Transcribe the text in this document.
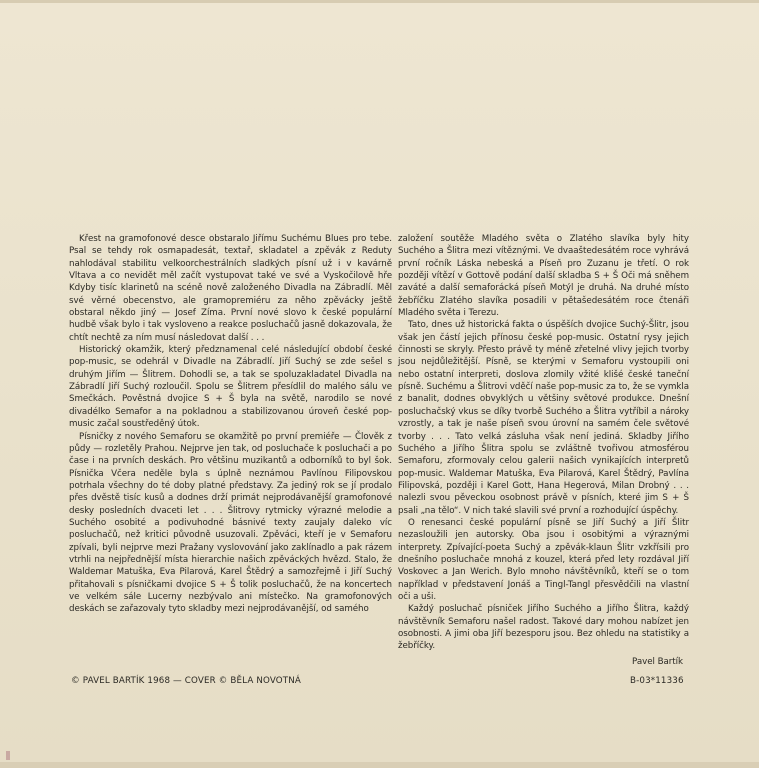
Křest na gramofonové desce obstaralo Jiřímu Suchému Blues pro tebe. Psal se tehdy rok osmapadesát, textař, skladatel a zpěvák z Reduty nahlodával stabilitu velkoorchestrálních sladkých písní už i v kavárně Vltava a co nevidět měl začít vystupovat také ve své a Vyskočilově hře Kdyby tisíc klarinetů na scéně nově založeného Divadla na Zábradlí. Měl své věrné obecenstvo, ale gramopremiéru za něho zpěvácky ještě obstaral někdo jiný — Josef Zíma. První nové slovo k české populární hudbě však bylo i tak vysloveno a reakce posluchačů jasně dokazovala, že chtít nechtě za ním musí následovat další . . .

Historický okamžik, který předznamenal celé následující období české pop-music, se odehrál v Divadle na Zábradlí. Jiří Suchý se zde sešel s druhým Jiřím — Šlitrem. Dohodli se, a tak se spoluzakladatel Divadla na Zábradlí Jiří Suchý rozloučil. Spolu se Šlitrem přesídlil do malého sálu ve Smečkách. Pověstná dvojice S + Š byla na světě, narodilo se nové divadélko Semafor a na pokladnou a stabilizovanou úroveň české pop-music začal soustředěný útok.

Písničky z nového Semaforu se okamžitě po první premiéře — Člověk z půdy — rozletěly Prahou. Nejprve jen tak, od posluchače k posluchači a po čase i na prvních deskách. Pro většinu muzikantů a odborníků to byl šok. Písnička Včera neděle byla s úplně neznámou Pavlínou Filipovskou potrhala všechny do té doby platné představy. Za jediný rok se jí prodalo přes dvěstě tisíc kusů a dodnes drží primát nejprodávanější gramofonové desky posledních dvaceti let . . . Šlitrovy rytmicky výrazné melodie a Suchého osobité a podivuhodné básnivé texty zaujaly daleko víc posluchačů, než kritici původně usuzovali. Zpěváci, kteří je v Semaforu zpívali, byli nejprve mezi Pražany vyslovování jako zaklínadlo a pak rázem vtrhli na nejpřednější místa hierarchie našich zpěváckých hvězd. Stalo, že Waldemar Matuška, Eva Pilarová, Karel Štědrý a samozřejmě i Jiří Suchý přitahovali s písničkami dvojice S + Š tolik posluchačů, že na koncertech ve velkém sále Lucerny nezbývalo ani místečko. Na gramofonových deskách se zařazovaly tyto skladby mezi nejprodávanější, od samého

založení soutěže Mladého světa o Zlatého slavíka byly hity Suchého a Šlitra mezi vítěznými. Ve dvaaštedesátém roce vyhrává první ročník Láska nebeská a Píseň pro Zuzanu je třetí. O rok později vítězí v Gottově podání další skladba S + Š Oči má sněhem zaváté a další semaforácká píseň Motýl je druhá. Na druhé místo žebříčku Zlatého slavíka posadili v pětašedesátém roce čtenáři Mladého světa i Terezu.

Tato, dnes už historická fakta o úspěších dvojice Suchý-Šlitr, jsou však jen částí jejich přínosu české pop-music. Ostatní rysy jejich činnosti se skryly. Přesto právě ty méně zřetelné vlivy jejich tvorby jsou nejdůležitější. Písně, se kterými v Semaforu vystoupili oni nebo ostatní interpreti, doslova zlomily vžité klišé české taneční písně. Suchému a Šlitrovi vděčí naše pop-music za to, že se vymkla z banalit, dodnes obvyklých u většiny světové produkce. Dnešní posluchačský vkus se díky tvorbě Suchého a Šlitra vytříbil a nároky vzrostly, a tak je naše píseň svou úrovní na samém čele světové tvorby . . . Tato velká zásluha však není jediná. Skladby Jiřího Suchého a Jiřího Šlitra spolu se zvláštně tvořivou atmosférou Semaforu, zformovaly celou galerii našich vynikajících interpretů pop-music. Waldemar Matuška, Eva Pilarová, Karel Štědrý, Pavlína Filipovská, později i Karel Gott, Hana Hegerová, Milan Drobný . . . nalezli svou pěveckou osobnost právě v písních, které jim S + Š psali „na tělo“. V nich také slavili své první a rozhodující úspěchy.

O renesanci české populární písně se Jiří Suchý a Jiří Šlitr nezasloužili jen autorsky. Oba jsou i osobitými a výraznými interprety. Zpívající-poeta Suchý a zpěvák-klaun Šlitr vzkřísili pro dnešního posluchače mnohá z kouzel, která před lety rozdával Jiří Voskovec a Jan Werich. Bylo mnoho návštěvníků, kteří se o tom například v představení Jonáš a Tingl-Tangl přesvědčili na vlastní oči a uši.

Každý posluchač písniček Jiřího Suchého a Jiřího Šlitra, každý návštěvník Semaforu našel radost. Takové dary mohou nabízet jen osobnosti. A jimi oba Jiří bezesporu jsou. Bez ohledu na statistiky a žebříčky.

Pavel Bartík

© PAVEL BARTÍK 1968 — COVER © BĚLA NOVOTNÁ	B-03*11336
